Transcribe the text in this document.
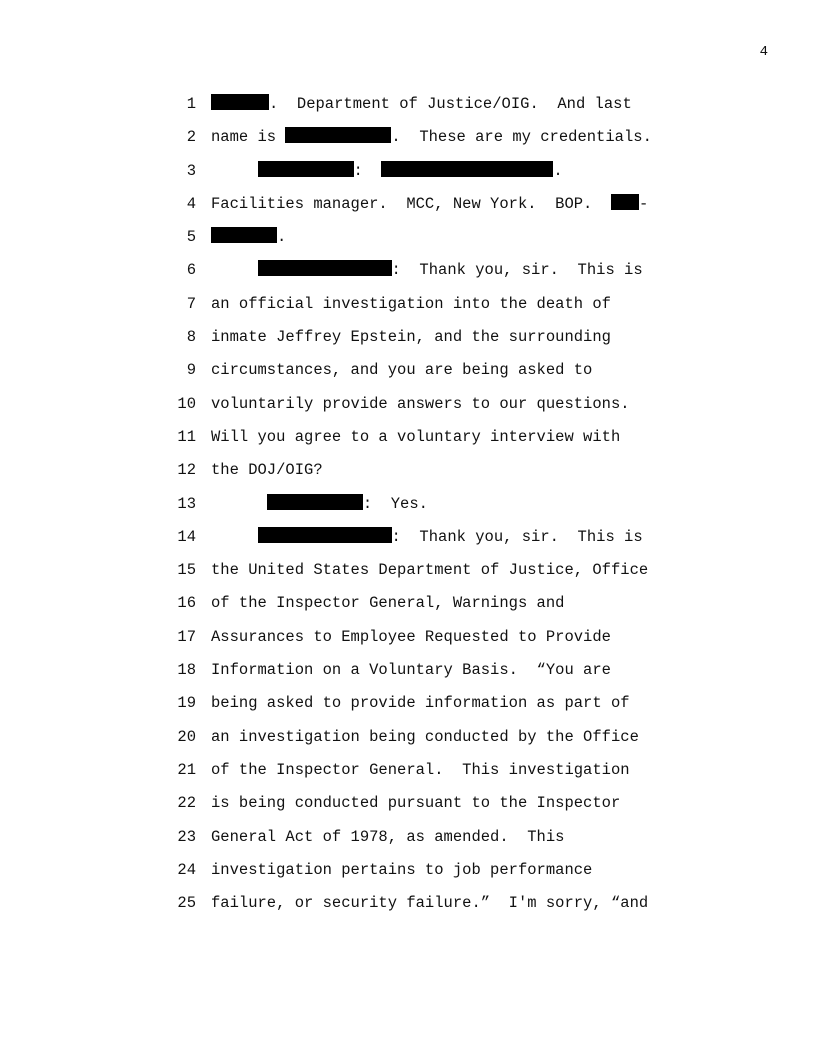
4
1	.  Department of Justice/OIG.  And last
2 name is	.  These are my credentials.
3	:	.
4 Facilities manager.  MCC, New York.  BOP.  -
5	.
6	:  Thank you, sir.  This is
7 an official investigation into the death of
8 inmate Jeffrey Epstein, and the surrounding
9 circumstances, and you are being asked to
10 voluntarily provide answers to our questions.
11 Will you agree to a voluntary interview with
12 the DOJ/OIG?
13	:  Yes.
14	:  Thank you, sir.  This is
15 the United States Department of Justice, Office
16 of the Inspector General, Warnings and
17 Assurances to Employee Requested to Provide
18 Information on a Voluntary Basis.  “You are
19 being asked to provide information as part of
20 an investigation being conducted by the Office
21 of the Inspector General.  This investigation
22 is being conducted pursuant to the Inspector
23 General Act of 1978, as amended.  This
24 investigation pertains to job performance
25 failure, or security failure.”  I'm sorry, “and
